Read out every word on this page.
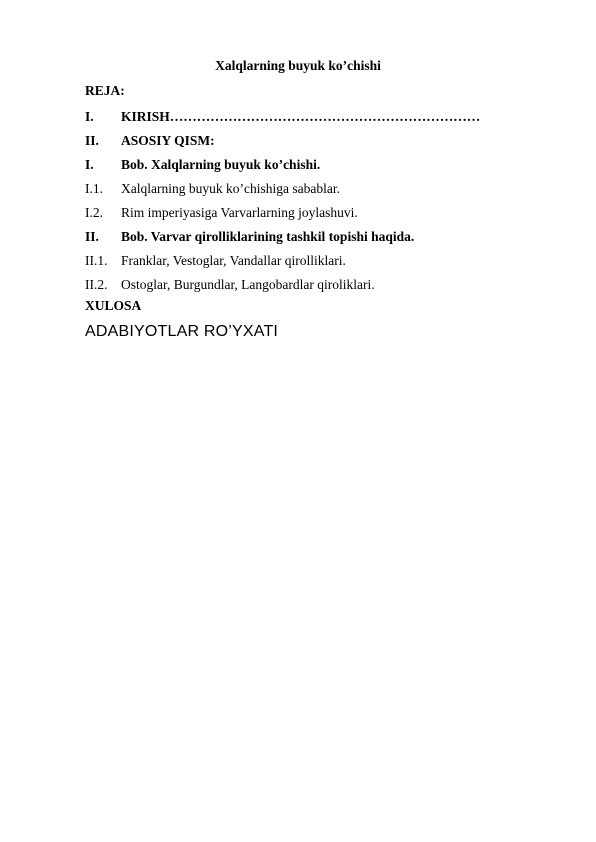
Xalqlarning buyuk ko’chishi
REJA:
I. KIRISH……………………………………………………………
II. ASOSIY QISM:
I. Bob. Xalqlarning buyuk ko’chishi.
I.1. Xalqlarning buyuk ko’chishiga sabablar.
I.2. Rim imperiyasiga Varvarlarning joylashuvi.
II. Bob. Varvar qirolliklarining tashkil topishi haqida.
II.1. Franklar, Vestoglar, Vandallar qirolliklari.
II.2. Ostoglar, Burgundlar, Langobardlar qiroliklari.
XULOSA
ADABIYOTLAR RO’YXATI
